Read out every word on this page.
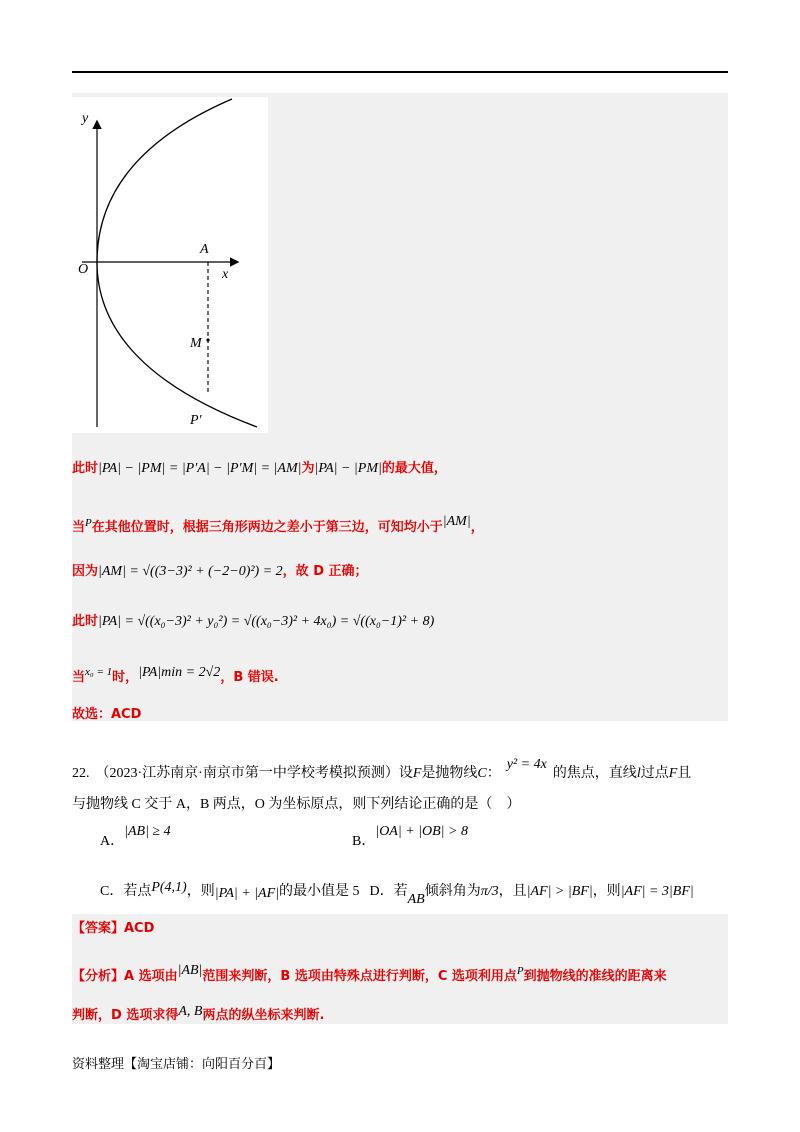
y
x
O
A
M
P'
此时|PA| − |PM| = |P′A| − |P′M| = |AM|为|PA| − |PM|的最大值，
当$^P$在其他位置时，根据三角形两边之差小于第三边，可知均小于|AM|，
因为|AM| = √((3−3)² + (−2−0)²) = 2，故 D 正确；
此时|PA| = √((x₀−3)² + y₀²) = √((x₀−3)² + 4x₀) = √((x₀−1)² + 8)
当$^{x_0 = 1}$时，|PA|min = 2√2，B 错误.
故选：ACD
22. （2023·江苏南京·南京市第一中学校考模拟预测）设F是抛物线C：y² = 4x的焦点，直线l过点F且
与抛物线 C 交于 A，B 两点，O 为坐标原点，则下列结论正确的是（　）
A．|AB| ≥ 4
B．|OA| + |OB| > 8
C．若点P(4,1)，则|PA| + |AF|的最小值是 5 D．若AB倾斜角为π/3，且|AF| > |BF|，则|AF| = 3|BF|
【答案】ACD
【分析】A 选项由|AB|范围来判断，B 选项由特殊点进行判断，C 选项利用点$^P$到抛物线的准线的距离来
判断，D 选项求得A, B两点的纵坐标来判断.
资料整理【淘宝店铺：向阳百分百】
